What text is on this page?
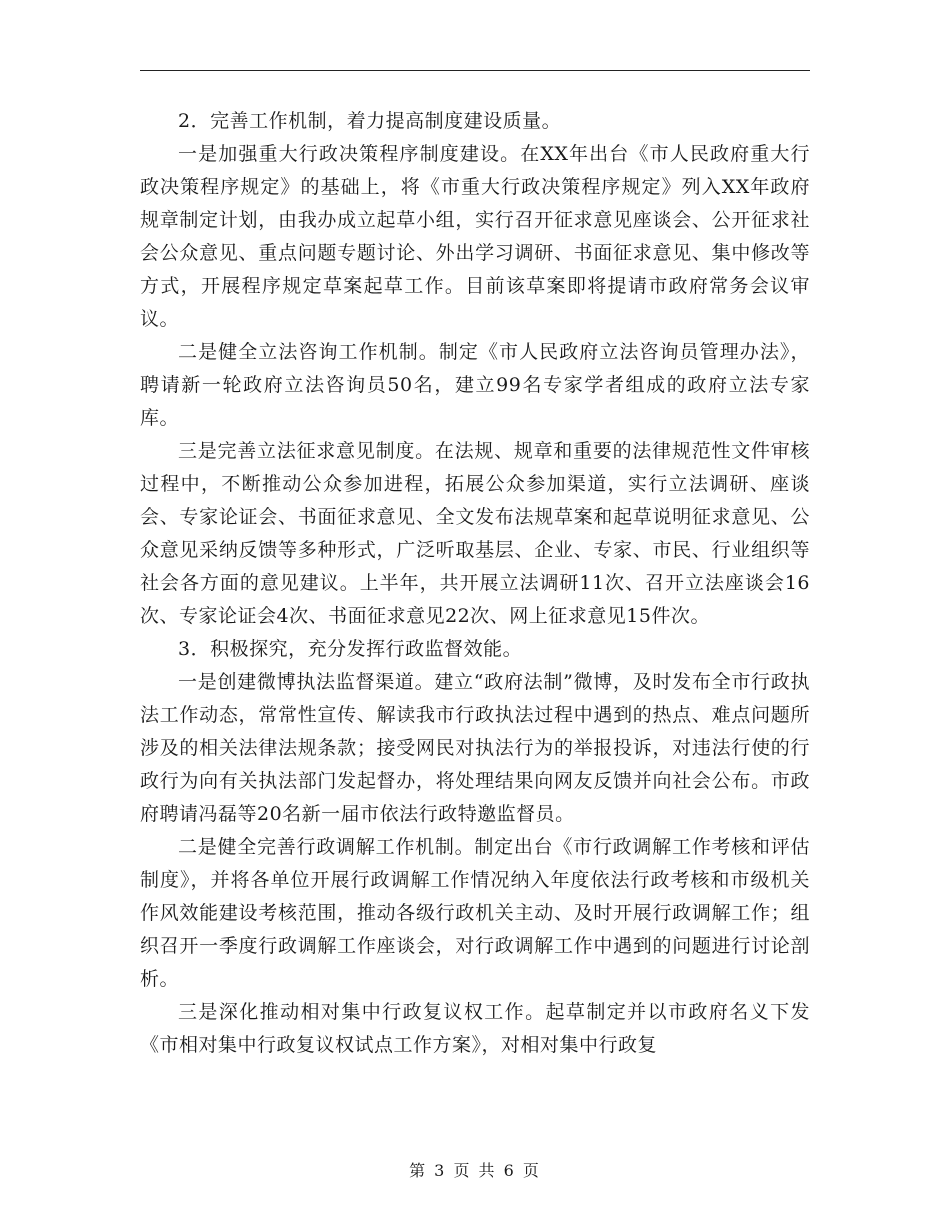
2．完善工作机制，着力提高制度建设质量。

一是加强重大行政决策程序制度建设。在XX年出台《市人民政府重大行政决策程序规定》的基础上，将《市重大行政决策程序规定》列入XX年政府规章制定计划，由我办成立起草小组，实行召开征求意见座谈会、公开征求社会公众意见、重点问题专题讨论、外出学习调研、书面征求意见、集中修改等方式，开展程序规定草案起草工作。目前该草案即将提请市政府常务会议审议。

二是健全立法咨询工作机制。制定《市人民政府立法咨询员管理办法》，聘请新一轮政府立法咨询员50名，建立99名专家学者组成的政府立法专家库。

三是完善立法征求意见制度。在法规、规章和重要的法律规范性文件审核过程中，不断推动公众参加进程，拓展公众参加渠道，实行立法调研、座谈会、专家论证会、书面征求意见、全文发布法规草案和起草说明征求意见、公众意见采纳反馈等多种形式，广泛听取基层、企业、专家、市民、行业组织等社会各方面的意见建议。上半年，共开展立法调研11次、召开立法座谈会16次、专家论证会4次、书面征求意见22次、网上征求意见15件次。

3．积极探究，充分发挥行政监督效能。

一是创建微博执法监督渠道。建立“政府法制”微博，及时发布全市行政执法工作动态，常常性宣传、解读我市行政执法过程中遇到的热点、难点问题所涉及的相关法律法规条款；接受网民对执法行为的举报投诉，对违法行使的行政行为向有关执法部门发起督办，将处理结果向网友反馈并向社会公布。市政府聘请冯磊等20名新一届市依法行政特邀监督员。

二是健全完善行政调解工作机制。制定出台《市行政调解工作考核和评估制度》，并将各单位开展行政调解工作情况纳入年度依法行政考核和市级机关作风效能建设考核范围，推动各级行政机关主动、及时开展行政调解工作；组织召开一季度行政调解工作座谈会，对行政调解工作中遇到的问题进行讨论剖析。

三是深化推动相对集中行政复议权工作。起草制定并以市政府名义下发《市相对集中行政复议权试点工作方案》，对相对集中行政复

第 3 页 共 6 页
